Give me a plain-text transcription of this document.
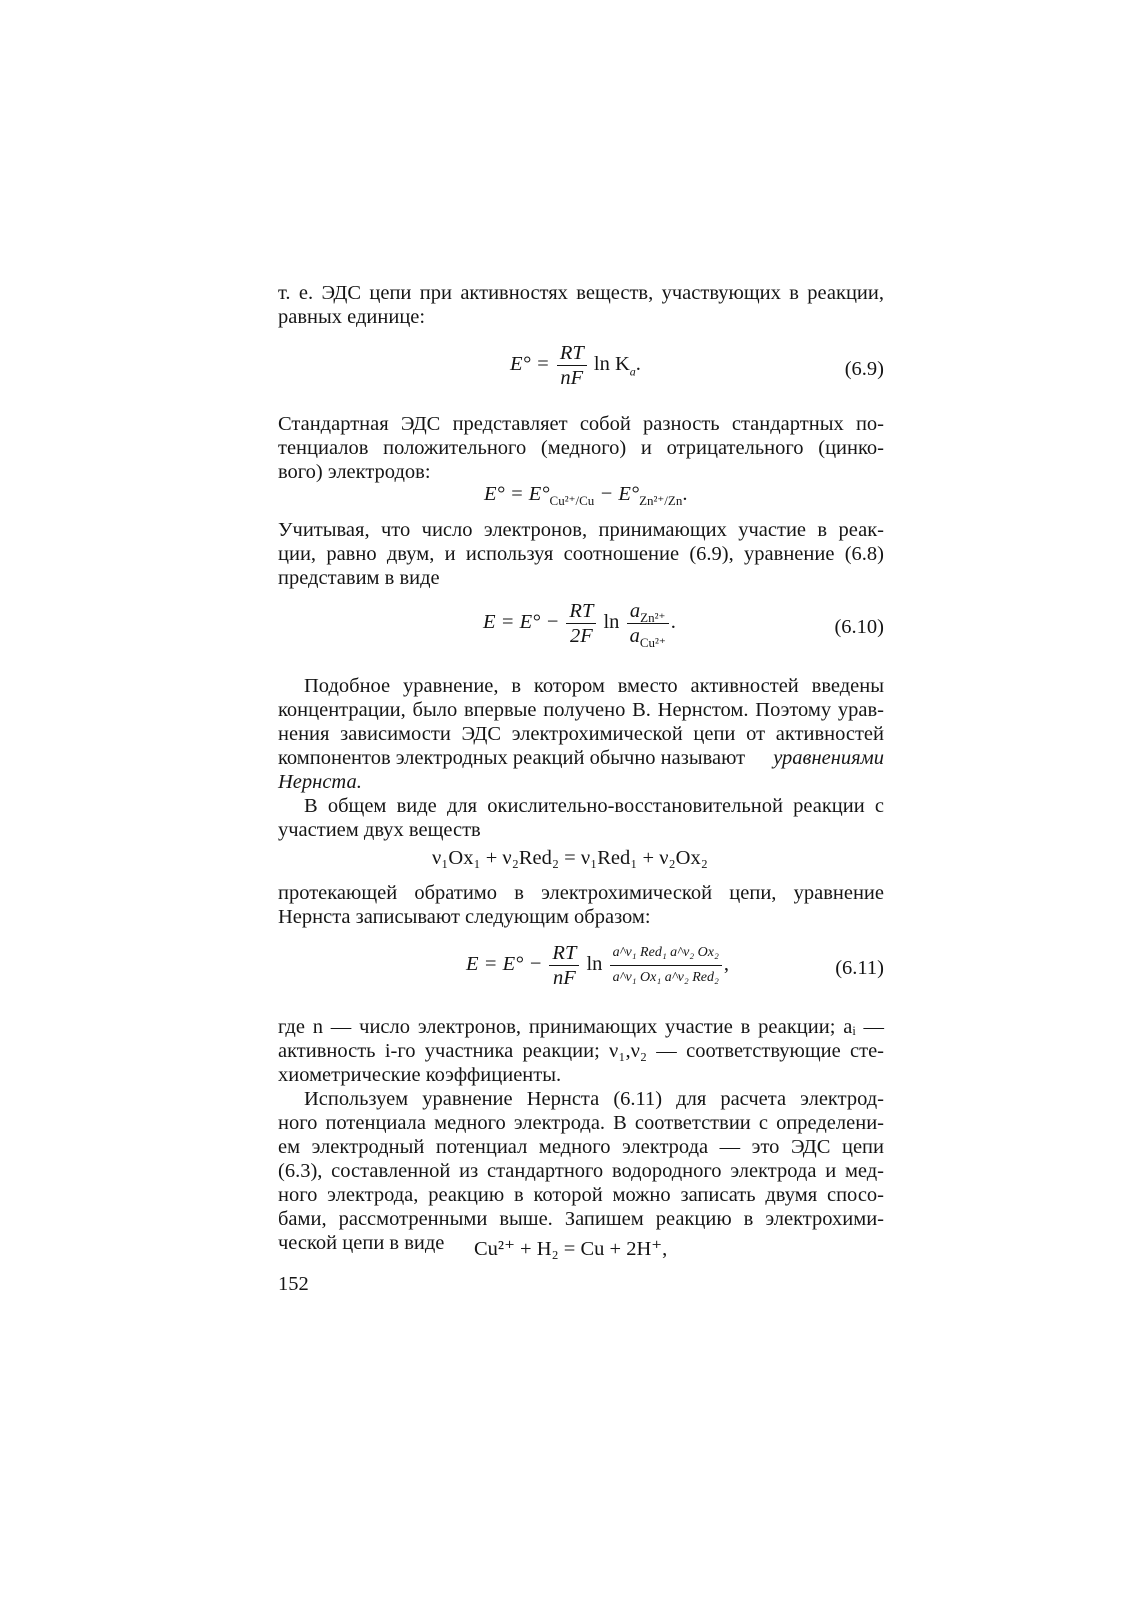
т. е. ЭДС цепи при активностях веществ, участвующих в реакции,
равных единице:
$E^\circ = \frac{RT}{nF}$ $\ln K_a$.	(6.9)
Стандартная ЭДС представляет собой разность стандартных по-
тенциалов положительного (медного) и отрицательного (цинко-
вого) электродов:
$E^\circ = E^\circ_{Cu^{2+}/Cu} - E^\circ_{Zn^{2+}/Zn}$.
Учитывая, что число электронов, принимающих участие в реак-
ции, равно двум, и используя соотношение (6.9), уравнение (6.8)
представим в виде
$E = E^\circ - \frac{RT}{2F}$ $\ln \frac{a_{Zn^{2+}}}{a_{Cu^{2+}}}$ .	(6.10)
Подобное уравнение, в котором вместо активностей введены
концентрации, было впервые получено В. Нернстом. Поэтому урав-
нения зависимости ЭДС электрохимической цепи от активностей
компонентов электродных реакций обычно называют уравнениями
Нернста.
В общем виде для окислительно-восстановительной реакции с
участием двух веществ
ν₁Ox₁ + ν₂Red₂ = ν₁Red₁ + ν₂Ox₂
протекающей обратимо в электрохимической цепи, уравнение
Нернста записывают следующим образом:
$E = E^\circ - \frac{RT}{nF}$ $\ln \frac{\text{a\textasciicircum{}ν₁ Red₁ a\textasciicircum{}ν₂ Ox₂}}{\text{a\textasciicircum{}ν₁ Ox₁ a\textasciicircum{}ν₂ Red₂}}$ ,	(6.11)
где n — число электронов, принимающих участие в реакции; aᵢ —
активность i-го участника реакции; ν₁,ν₂ — соответствующие сте-
хиометрические коэффициенты.
Используем уравнение Нернста (6.11) для расчета электрод-
ного потенциала медного электрода. В соответствии с определени-
ем электродный потенциал медного электрода — это ЭДС цепи
(6.3), составленной из стандартного водородного электрода и мед-
ного электрода, реакцию в которой можно записать двумя спосо-
бами, рассмотренными выше. Запишем реакцию в электрохими-
ческой цепи в виде	Cu²⁺ + H₂ = Cu + 2H⁺,
152
